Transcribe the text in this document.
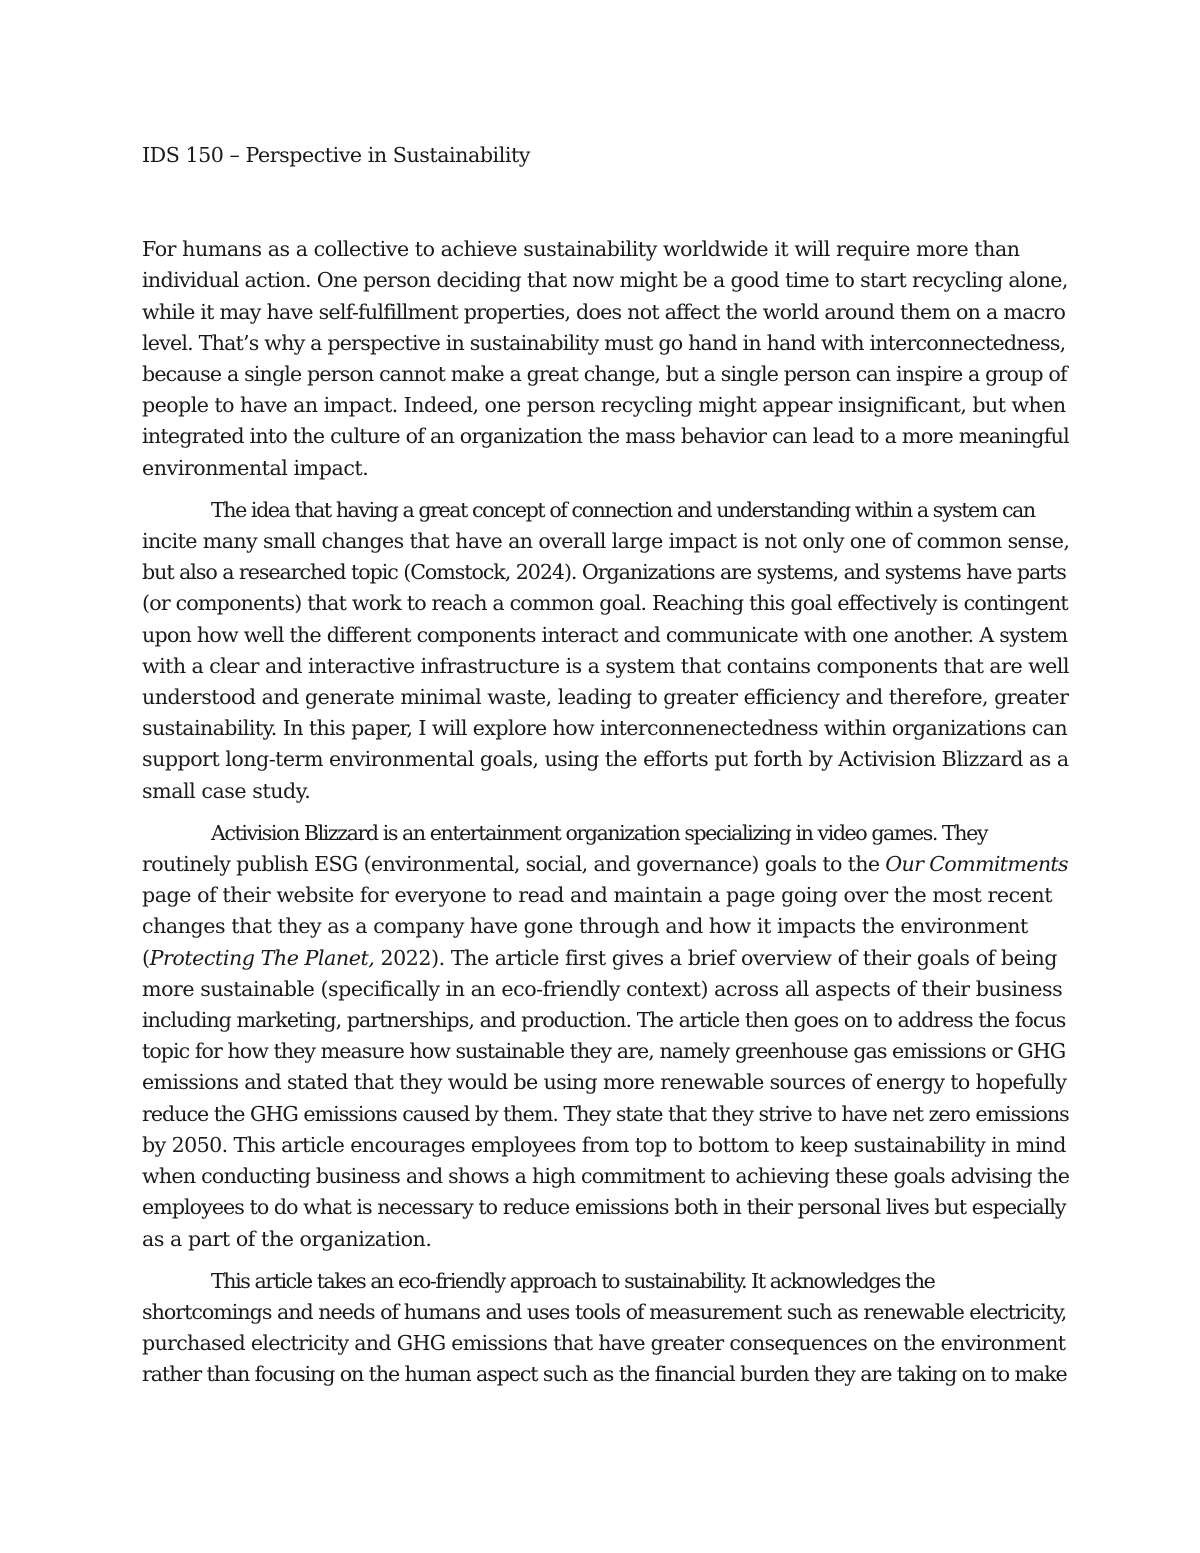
IDS 150 – Perspective in Sustainability

For humans as a collective to achieve sustainability worldwide it will require more than
individual action. One person deciding that now might be a good time to start recycling alone,
while it may have self-fulfillment properties, does not affect the world around them on a macro
level. That’s why a perspective in sustainability must go hand in hand with interconnectedness,
because a single person cannot make a great change, but a single person can inspire a group of
people to have an impact. Indeed, one person recycling might appear insignificant, but when
integrated into the culture of an organization the mass behavior can lead to a more meaningful
environmental impact.

The idea that having a great concept of connection and understanding within a system can
incite many small changes that have an overall large impact is not only one of common sense,
but also a researched topic (Comstock, 2024). Organizations are systems, and systems have parts
(or components) that work to reach a common goal. Reaching this goal effectively is contingent
upon how well the different components interact and communicate with one another. A system
with a clear and interactive infrastructure is a system that contains components that are well
understood and generate minimal waste, leading to greater efficiency and therefore, greater
sustainability. In this paper, I will explore how interconnenectedness within organizations can
support long-term environmental goals, using the efforts put forth by Activision Blizzard as a
small case study.

Activision Blizzard is an entertainment organization specializing in video games. They
routinely publish ESG (environmental, social, and governance) goals to the Our Commitments
page of their website for everyone to read and maintain a page going over the most recent
changes that they as a company have gone through and how it impacts the environment
(Protecting The Planet, 2022). The article first gives a brief overview of their goals of being
more sustainable (specifically in an eco-friendly context) across all aspects of their business
including marketing, partnerships, and production. The article then goes on to address the focus
topic for how they measure how sustainable they are, namely greenhouse gas emissions or GHG
emissions and stated that they would be using more renewable sources of energy to hopefully
reduce the GHG emissions caused by them. They state that they strive to have net zero emissions
by 2050. This article encourages employees from top to bottom to keep sustainability in mind
when conducting business and shows a high commitment to achieving these goals advising the
employees to do what is necessary to reduce emissions both in their personal lives but especially
as a part of the organization.

This article takes an eco-friendly approach to sustainability. It acknowledges the
shortcomings and needs of humans and uses tools of measurement such as renewable electricity,
purchased electricity and GHG emissions that have greater consequences on the environment
rather than focusing on the human aspect such as the financial burden they are taking on to make
